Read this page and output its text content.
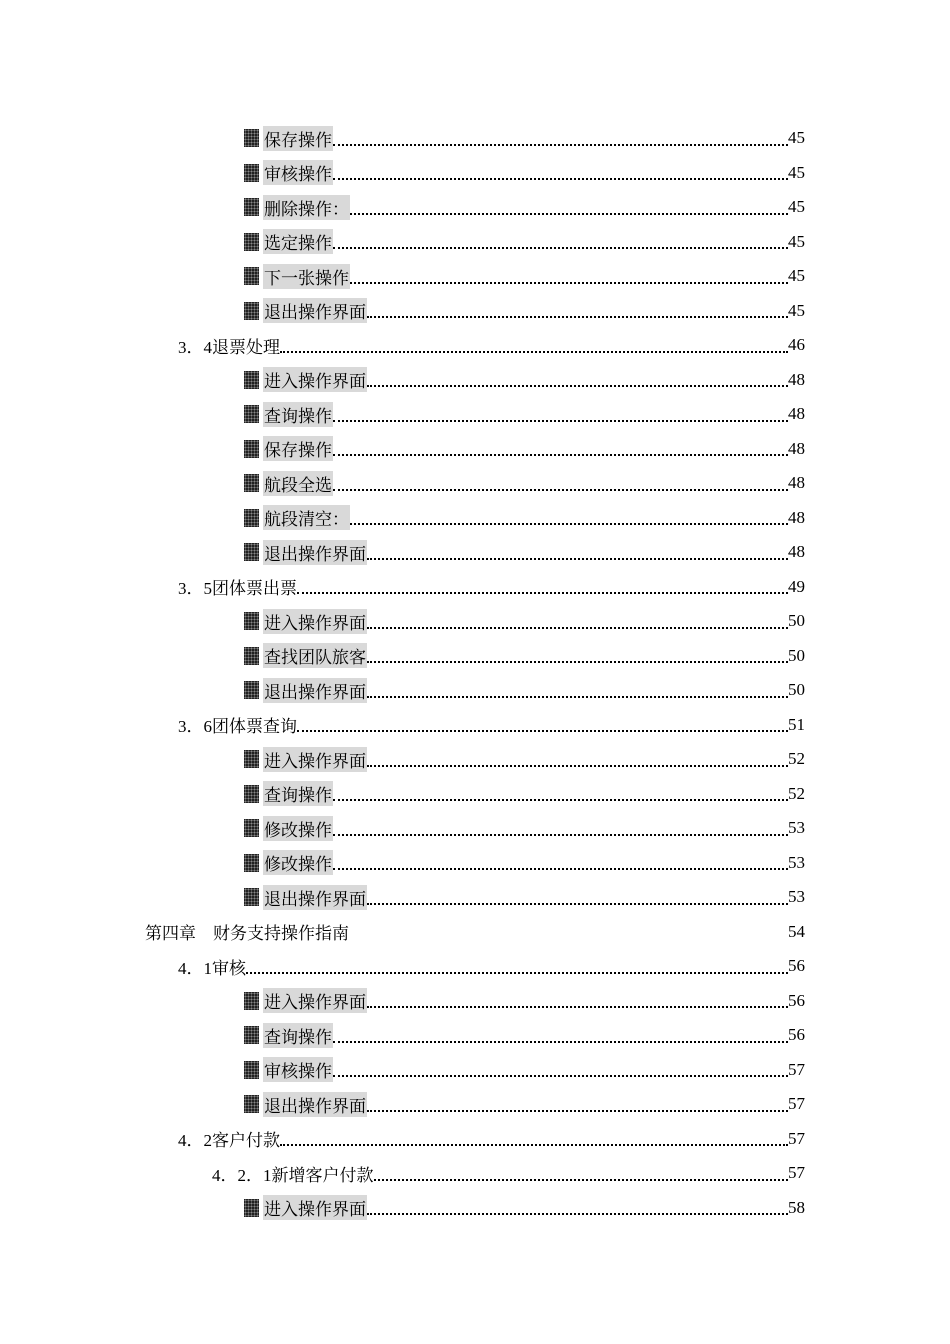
保存操作	45
审核操作	45
删除操作：	45
选定操作	45
下一张操作	45
退出操作界面	45
3．4 退票处理	46
进入操作界面	48
查询操作	48
保存操作	48
航段全选	48
航段清空：	48
退出操作界面	48
3．5 团体票出票	49
进入操作界面	50
查找团队旅客	50
退出操作界面	50
3．6 团体票查询	51
进入操作界面	52
查询操作	52
修改操作	53
修改操作	53
退出操作界面	53
第四章　财务支持操作指南	54
4．1 审核	56
进入操作界面	56
查询操作	56
审核操作	57
退出操作界面	57
4．2 客户付款	57
4．2．1 新增客户付款	57
进入操作界面	58
